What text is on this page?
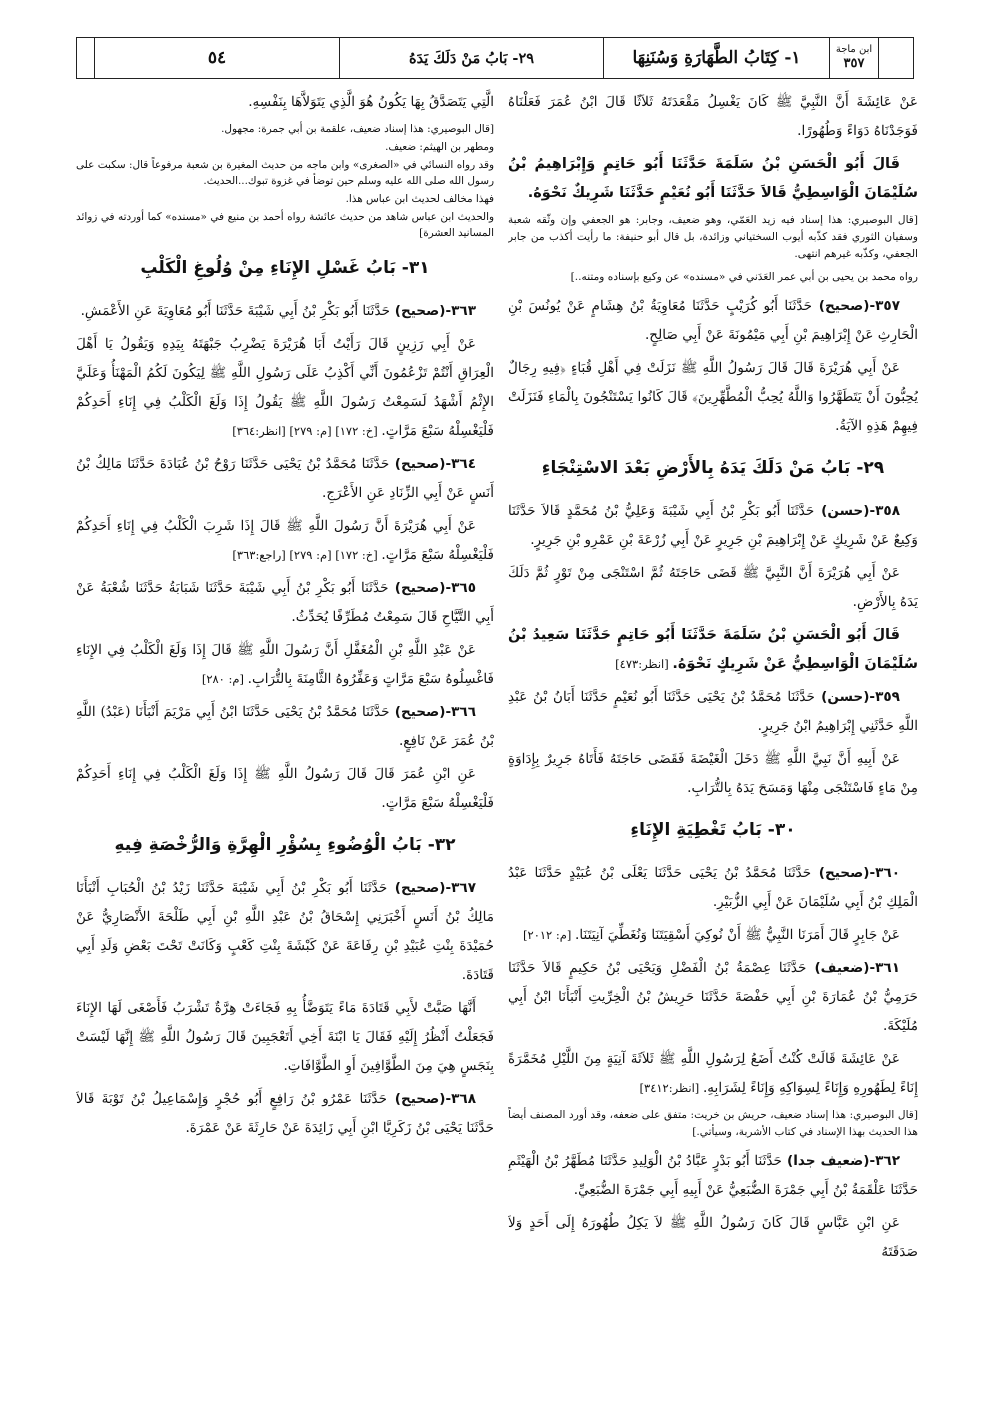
٥٤	٢٩- بَابُ مَنْ دَلَكَ يَدَهُ	١- كِتَابُ الطَّهَارَةِ وَسُنَنِهَا	ابن ماجة
٣٥٧
عَنْ عَائِشَةَ أَنَّ النَّبِيَّ ﷺ كَانَ يَغْسِلُ مَقْعَدَتَهُ ثَلاَثًا قَالَ ابْنُ عُمَرَ فَعَلْنَاهُ فَوَجَدْنَاهُ دَوَاءً وَطُهُورًا.
قَالَ أَبُو الْحَسَنِ بْنُ سَلَمَةَ حَدَّثَنَا أَبُو حَاتِمٍ وَإِبْرَاهِيمُ بْنُ سُلَيْمَانَ الْوَاسِطِيُّ قَالاَ حَدَّثَنَا أَبُو نُعَيْمٍ حَدَّثَنَا شَرِيكٌ نَحْوَهُ.
[قال البوصيري: هذا إسناد فيه زيد العَمّي، وهو ضعيف، وجابر: هو الجعفي وإن وثّقه شعبة وسفيان الثوري فقد كذّبه أيوب السختياني وزائدة، بل قال أبو حنيفة: ما رأيت أكذب من جابر الجعفي، وكذّبه غيرهم انتهى.
رواه محمد بن يحيى بن أبي عمر العَدَني في «مسنده» عن وكيع بإسناده ومتنه..]
٣٥٧-(صحيح) حَدَّثَنَا أَبُو كُرَيْبٍ حَدَّثَنَا مُعَاوِيَةُ بْنُ هِشَامٍ عَنْ يُونُسَ بْنِ الْحَارِثِ عَنْ إِبْرَاهِيمَ بْنِ أَبِي مَيْمُونَةَ عَنْ أَبِي صَالِحٍ.
عَنْ أَبِي هُرَيْرَةَ قَالَ قَالَ رَسُولُ اللَّهِ ﷺ نَزَلَتْ فِي أَهْلِ قُبَاءٍ ﴿فِيهِ رِجَالٌ يُحِبُّونَ أَنْ يَتَطَهَّرُوا وَاللَّهُ يُحِبُّ الْمُطَّهِّرِينَ﴾ قَالَ كَانُوا يَسْتَنْجُونَ بِالْمَاءِ فَنَزَلَتْ فِيهِمْ هَذِهِ الآيَةُ.
٢٩- بَابُ مَنْ دَلَكَ يَدَهُ بِالأَرْضِ بَعْدَ الاسْتِنْجَاءِ
٣٥٨-(حسن) حَدَّثَنَا أَبُو بَكْرِ بْنُ أَبِي شَيْبَةَ وَعَلِيُّ بْنُ مُحَمَّدٍ قَالاَ حَدَّثَنَا وَكِيعٌ عَنْ شَرِيكٍ عَنْ إِبْرَاهِيمَ بْنِ جَرِيرٍ عَنْ أَبِي زُرْعَةَ بْنِ عَمْرِو بْنِ جَرِيرٍ.
عَنْ أَبِي هُرَيْرَةَ أَنَّ النَّبِيَّ ﷺ قَضَى حَاجَتَهُ ثُمَّ اسْتَنْجَى مِنْ تَوْرٍ ثُمَّ دَلَكَ يَدَهُ بِالأَرْضِ.
قَالَ أَبُو الْحَسَنِ بْنُ سَلَمَةَ حَدَّثَنَا أَبُو حَاتِمٍ حَدَّثَنَا سَعِيدُ بْنُ سُلَيْمَانَ الْوَاسِطِيُّ عَنْ شَرِيكٍ نَحْوَهُ. [انظر:٤٧٣]
٣٥٩-(حسن) حَدَّثَنَا مُحَمَّدُ بْنُ يَحْيَى حَدَّثَنَا أَبُو نُعَيْمٍ حَدَّثَنَا أَبَانُ بْنُ عَبْدِ اللَّهِ حَدَّثَنِي إِبْرَاهِيمُ ابْنُ جَرِيرٍ.
عَنْ أَبِيهِ أَنَّ نَبِيَّ اللَّهِ ﷺ دَخَلَ الْغَيْضَةَ فَقَضَى حَاجَتَهُ فَأَتَاهُ جَرِيرٌ بِإِدَاوَةٍ مِنْ مَاءٍ فَاسْتَنْجَى مِنْهَا وَمَسَحَ يَدَهُ بِالتُّرَابِ.
٣٠- بَابُ تَغْطِيَةِ الإِنَاءِ
٣٦٠-(صحيح) حَدَّثَنَا مُحَمَّدُ بْنُ يَحْيَى حَدَّثَنَا يَعْلَى بْنُ عُبَيْدٍ حَدَّثَنَا عَبْدُ الْمَلِكِ بْنُ أَبِي سُلَيْمَانَ عَنْ أَبِي الزُّبَيْرِ.
عَنْ جَابِرٍ قَالَ أَمَرَنَا النَّبِيُّ ﷺ أَنْ نُوكِيَ أَسْقِيَتَنَا وَنُغَطِّيَ آنِيَتَنَا. [م: ٢٠١٢]
٣٦١-(ضعيف) حَدَّثَنَا عِصْمَةُ بْنُ الْفَضْلِ وَيَحْيَى بْنُ حَكِيمٍ قَالاَ حَدَّثَنَا حَرَمِيُّ بْنُ عُمَارَةَ بْنِ أَبِي حَفْصَةَ حَدَّثَنَا حَرِيشُ بْنُ الْخِرِّيتِ أَنْبَأَنَا ابْنُ أَبِي مُلَيْكَةَ.
عَنْ عَائِشَةَ قَالَتْ كُنْتُ أَضَعُ لِرَسُولِ اللَّهِ ﷺ ثَلاَثَةَ آنِيَةٍ مِنَ اللَّيْلِ مُخَمَّرَةً إِنَاءً لِطَهُورِهِ وَإِنَاءً لِسِوَاكِهِ وَإِنَاءً لِشَرَابِهِ. [انظر:٣٤١٢]
[قال البوصيري: هذا إسناد ضعيف، حريش بن خريت: متفق على ضعفه، وقد أورد المصنف أيضاً هذا الحديث بهذا الإسناد في كتاب الأشربة، وسيأتي.]
٣٦٢-(ضعيف جدا) حَدَّثَنَا أَبُو بَدْرٍ عَبَّادُ بْنُ الْوَلِيدِ حَدَّثَنَا مُطَهَّرُ بْنُ الْهَيْثَمِ حَدَّثَنَا عَلْقَمَةُ بْنُ أَبِي جَمْرَةَ الضُّبَعِيُّ عَنْ أَبِيهِ أَبِي جَمْرَةَ الضُّبَعِيِّ.
عَنِ ابْنِ عَبَّاسٍ قَالَ كَانَ رَسُولُ اللَّهِ ﷺ لاَ يَكِلُ طُهُورَهُ إِلَى أَحَدٍ وَلاَ صَدَقَتَهُ
الَّتِي يَتَصَدَّقُ بِهَا يَكُونُ هُوَ الَّذِي يَتَوَلاَّهَا بِنَفْسِهِ.
[قال البوصيري: هذا إسناد ضعيف، علقمة بن أبي جمرة: مجهول.
ومطهر بن الهيثم: ضعيف.
وقد رواه النسائي في «الصغرى» وابن ماجه من حديث المغيرة بن شعبة مرفوعاً قال: سكبت على رسول الله صلى الله عليه وسلم حين توضأ في غزوة تبوك...الحديث.
فهذا مخالف لحديث ابن عباس هذا.
والحديث ابن عباس شاهد من حديث عائشة رواه أحمد بن منيع في «مسنده» كما أوردته في زوائد المسانيد العشرة]
٣١- بَابُ غَسْلِ الإِنَاءِ مِنْ وُلُوغِ الْكَلْبِ
٣٦٣-(صحيح) حَدَّثَنَا أَبُو بَكْرِ بْنُ أَبِي شَيْبَةَ حَدَّثَنَا أَبُو مُعَاوِيَةَ عَنِ الأَعْمَشِ.
عَنْ أَبِي رَزِينٍ قَالَ رَأَيْتُ أَبَا هُرَيْرَةَ يَضْرِبُ جَبْهَتَهُ بِيَدِهِ وَيَقُولُ يَا أَهْلَ الْعِرَاقِ أَنْتُمْ تَزْعُمُونَ أَنِّي أَكْذِبُ عَلَى رَسُولِ اللَّهِ ﷺ لِيَكُونَ لَكُمُ الْمَهْنَأُ وَعَلَيَّ الإِثْمُ أَشْهَدُ لَسَمِعْتُ رَسُولَ اللَّهِ ﷺ يَقُولُ إِذَا وَلَغَ الْكَلْبُ فِي إِنَاءِ أَحَدِكُمْ فَلْيَغْسِلْهُ سَبْعَ مَرَّاتٍ. [خ: ١٧٢] [م: ٢٧٩] [انظر:٣٦٤]
٣٦٤-(صحيح) حَدَّثَنَا مُحَمَّدُ بْنُ يَحْيَى حَدَّثَنَا رَوْحُ بْنُ عُبَادَةَ حَدَّثَنَا مَالِكُ بْنُ أَنَسٍ عَنْ أَبِي الزِّنَادِ عَنِ الأَعْرَجِ.
عَنْ أَبِي هُرَيْرَةَ أَنَّ رَسُولَ اللَّهِ ﷺ قَالَ إِذَا شَرِبَ الْكَلْبُ فِي إِنَاءِ أَحَدِكُمْ فَلْيَغْسِلْهُ سَبْعَ مَرَّاتٍ. [خ: ١٧٢] [م: ٢٧٩] [راجع:٣٦٣]
٣٦٥-(صحيح) حَدَّثَنَا أَبُو بَكْرِ بْنُ أَبِي شَيْبَةَ حَدَّثَنَا شَبَابَةُ حَدَّثَنَا شُعْبَةُ عَنْ أَبِي التَّيَّاحِ قَالَ سَمِعْتُ مُطَرِّفًا يُحَدِّثُ.
عَنْ عَبْدِ اللَّهِ بْنِ الْمُغَفَّلِ أَنَّ رَسُولَ اللَّهِ ﷺ قَالَ إِذَا وَلَغَ الْكَلْبُ فِي الإِنَاءِ فَاغْسِلُوهُ سَبْعَ مَرَّاتٍ وَعَفِّرُوهُ الثَّامِنَةَ بِالتُّرَابِ. [م: ٢٨٠]
٣٦٦-(صحيح) حَدَّثَنَا مُحَمَّدُ بْنُ يَحْيَى حَدَّثَنَا ابْنُ أَبِي مَرْيَمَ أَنْبَأَنَا (عَبْدُ) اللَّهِ بْنُ عُمَرَ عَنْ نَافِعٍ.
عَنِ ابْنِ عُمَرَ قَالَ قَالَ رَسُولُ اللَّهِ ﷺ إِذَا وَلَغَ الْكَلْبُ فِي إِنَاءِ أَحَدِكُمْ فَلْيَغْسِلْهُ سَبْعَ مَرَّاتٍ.
٣٢- بَابُ الْوُضُوءِ بِسُؤْرِ الْهِرَّةِ وَالرُّخْصَةِ فِيهِ
٣٦٧-(صحيح) حَدَّثَنَا أَبُو بَكْرِ بْنُ أَبِي شَيْبَةَ حَدَّثَنَا زَيْدُ بْنُ الْحُبَابِ أَنْبَأَنَا مَالِكُ بْنُ أَنَسٍ أَخْبَرَنِي إِسْحَاقُ بْنُ عَبْدِ اللَّهِ بْنِ أَبِي طَلْحَةَ الأَنْصَارِيُّ عَنْ حُمَيْدَةَ بِنْتِ عُبَيْدِ بْنِ رِفَاعَةَ عَنْ كَبْشَةَ بِنْتِ كَعْبٍ وَكَانَتْ تَحْتَ بَعْضِ وَلَدِ أَبِي قَتَادَةَ.
أَنَّهَا صَبَّتْ لأَبِي قَتَادَةَ مَاءً يَتَوَضَّأُ بِهِ فَجَاءَتْ هِرَّةٌ تَشْرَبُ فَأَصْغَى لَهَا الإِنَاءَ فَجَعَلْتُ أَنْظُرُ إِلَيْهِ فَقَالَ يَا ابْنَةَ أَخِي أَتَعْجَبِينَ قَالَ رَسُولُ اللَّهِ ﷺ إِنَّهَا لَيْسَتْ بِنَجَسٍ هِيَ مِنَ الطَّوَّافِينَ أَوِ الطَّوَّافَاتِ.
٣٦٨-(صحيح) حَدَّثَنَا عَمْرُو بْنُ رَافِعٍ أَبُو حُجْرٍ وَإِسْمَاعِيلُ بْنُ تَوْبَةَ قَالاَ حَدَّثَنَا يَحْيَى بْنُ زَكَرِيَّا ابْنِ أَبِي زَائِدَةَ عَنْ حَارِثَةَ عَنْ عَمْرَةَ.
